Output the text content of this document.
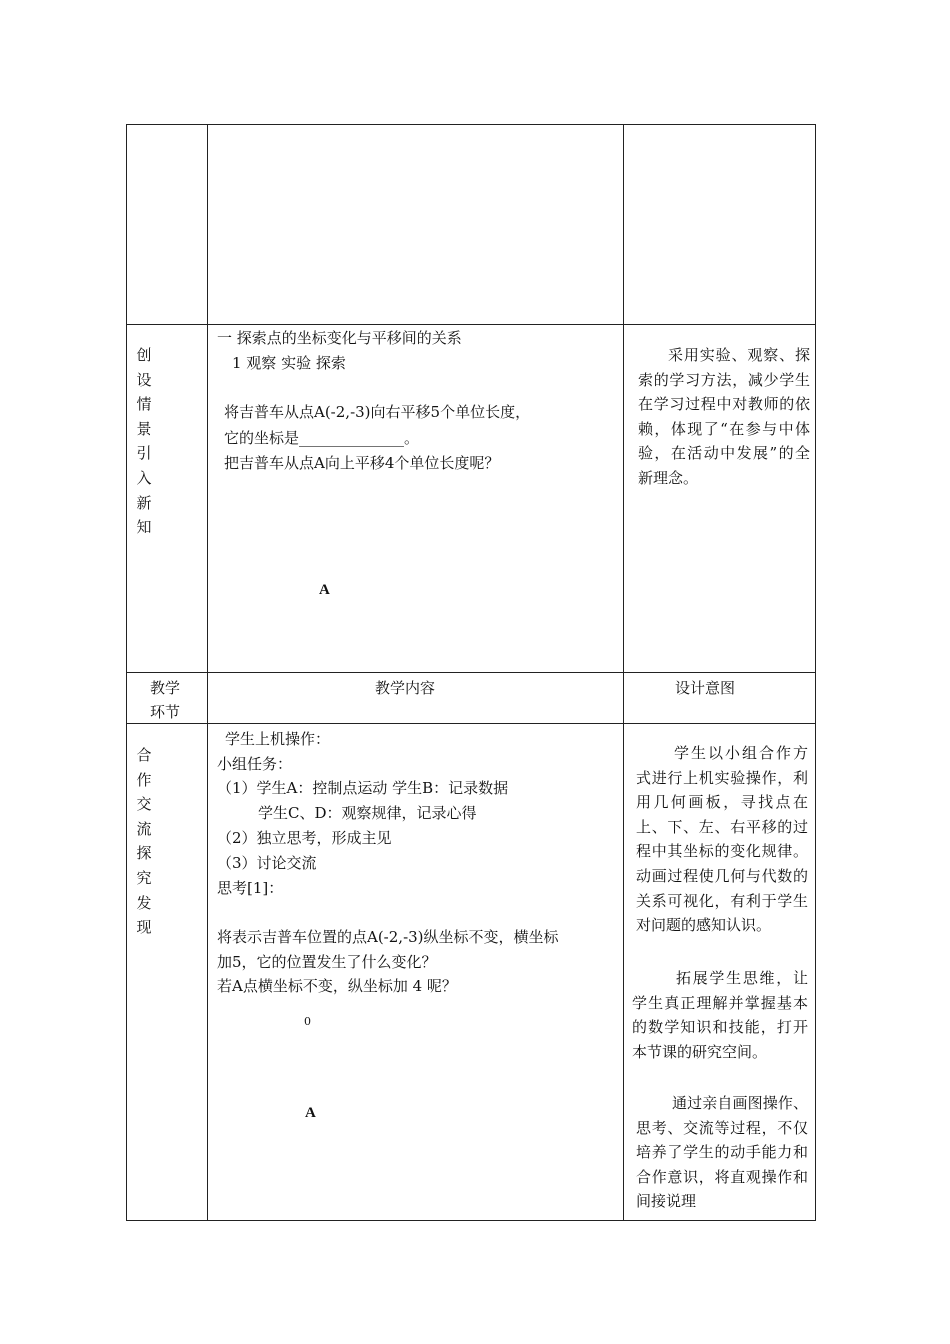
创设情景引入新知
一 探索点的坐标变化与平移间的关系
1 观察 实验 探索
将吉普车从点A(-2,-3)向右平移5个单位长度，
它的坐标是______________。
把吉普车从点A向上平移4个单位长度呢？
A
采用实验、观察、探索的学习方法，减少学生在学习过程中对教师的依赖，体现了“在参与中体验，在活动中发展”的全新理念。
教学
环节
教学内容	设计意图
合作交流探究发现
学生上机操作：
小组任务：
（1）学生A：控制点运动 学生B：记录数据
学生C、D：观察规律，记录心得
（2）独立思考，形成主见
（3）讨论交流
思考[1]：
将表示吉普车位置的点A(-2,-3)纵坐标不变，横坐标
加5，它的位置发生了什么变化？
若A点横坐标不变，纵坐标加 4 呢？
0
A
学生以小组合作方式进行上机实验操作，利用几何画板，寻找点在上、下、左、右平移的过程中其坐标的变化规律。动画过程使几何与代数的关系可视化，有利于学生对问题的感知认识。
拓展学生思维，让学生真正理解并掌握基本的数学知识和技能，打开本节课的研究空间。
通过亲自画图操作、思考、交流等过程，不仅培养了学生的动手能力和合作意识，将直观操作和间接说理
